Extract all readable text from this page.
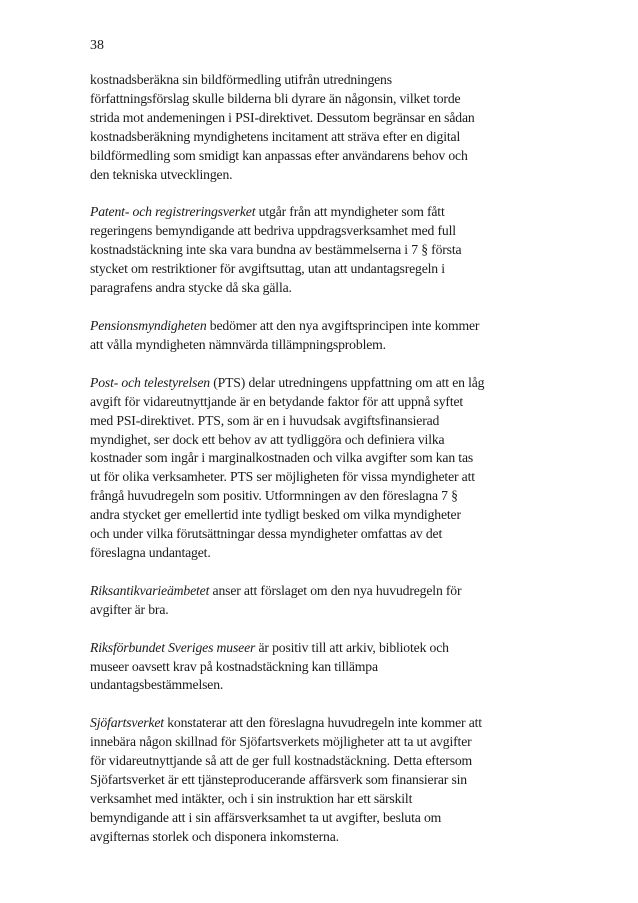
38

kostnadsberäkna sin bildförmedling utifrån utredningens
författningsförslag skulle bilderna bli dyrare än någonsin, vilket torde
strida mot andemeningen i PSI-direktivet. Dessutom begränsar en sådan
kostnadsberäkning myndighetens incitament att sträva efter en digital
bildförmedling som smidigt kan anpassas efter användarens behov och
den tekniska utvecklingen.

Patent- och registreringsverket utgår från att myndigheter som fått
regeringens bemyndigande att bedriva uppdragsverksamhet med full
kostnadstäckning inte ska vara bundna av bestämmelserna i 7 § första
stycket om restriktioner för avgiftsuttag, utan att undantagsregeln i
paragrafens andra stycke då ska gälla.

Pensionsmyndigheten bedömer att den nya avgiftsprincipen inte kommer
att vålla myndigheten nämnvärda tillämpningsproblem.

Post- och telestyrelsen (PTS) delar utredningens uppfattning om att en låg
avgift för vidareutnyttjande är en betydande faktor för att uppnå syftet
med PSI-direktivet. PTS, som är en i huvudsak avgiftsfinansierad
myndighet, ser dock ett behov av att tydliggöra och definiera vilka
kostnader som ingår i marginalkostnaden och vilka avgifter som kan tas
ut för olika verksamheter. PTS ser möjligheten för vissa myndigheter att
frångå huvudregeln som positiv. Utformningen av den föreslagna 7 §
andra stycket ger emellertid inte tydligt besked om vilka myndigheter
och under vilka förutsättningar dessa myndigheter omfattas av det
föreslagna undantaget.

Riksantikvarieämbetet anser att förslaget om den nya huvudregeln för
avgifter är bra.

Riksförbundet Sveriges museer är positiv till att arkiv, bibliotek och
museer oavsett krav på kostnadstäckning kan tillämpa
undantagsbestämmelsen.

Sjöfartsverket konstaterar att den föreslagna huvudregeln inte kommer att
innebära någon skillnad för Sjöfartsverkets möjligheter att ta ut avgifter
för vidareutnyttjande så att de ger full kostnadstäckning. Detta eftersom
Sjöfartsverket är ett tjänsteproducerande affärsverk som finansierar sin
verksamhet med intäkter, och i sin instruktion har ett särskilt
bemyndigande att i sin affärsverksamhet ta ut avgifter, besluta om
avgifternas storlek och disponera inkomsterna.
